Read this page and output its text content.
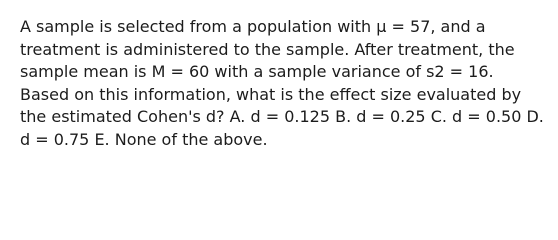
A sample is selected from a population with μ = 57, and a
treatment is administered to the sample. After treatment, the
sample mean is M = 60 with a sample variance of s2 = 16.
Based on this information, what is the effect size evaluated by
the estimated Cohen's d? A. d = 0.125 B. d = 0.25 C. d = 0.50 D.
d = 0.75 E. None of the above.
